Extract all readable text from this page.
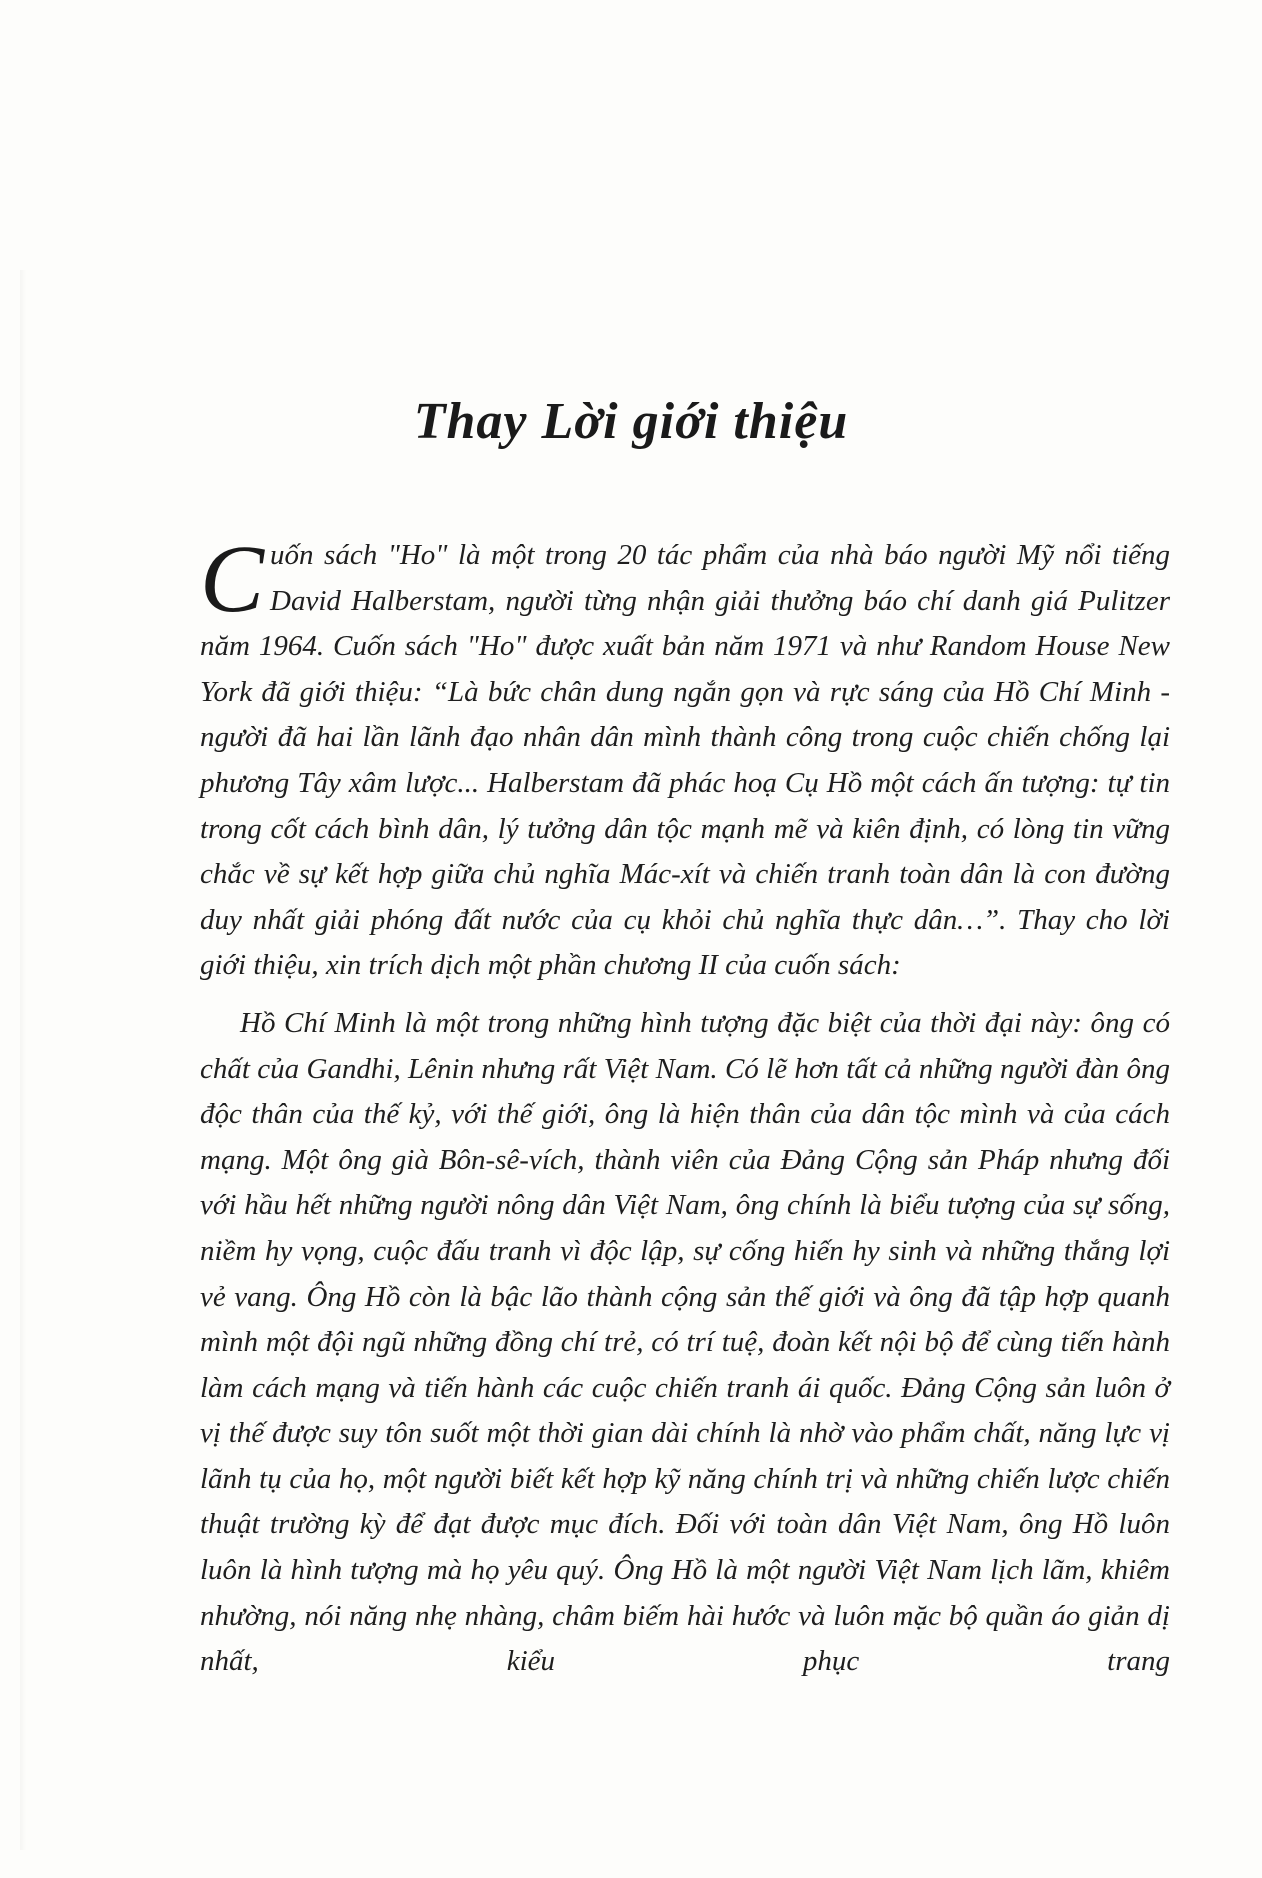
Thay Lời giới thiệu

Cuốn sách "Ho" là một trong 20 tác phẩm của nhà báo người Mỹ nổi tiếng David Halberstam, người từng nhận giải thưởng báo chí danh giá Pulitzer năm 1964. Cuốn sách "Ho" được xuất bản năm 1971 và như Random House New York đã giới thiệu: “Là bức chân dung ngắn gọn và rực sáng của Hồ Chí Minh - người đã hai lần lãnh đạo nhân dân mình thành công trong cuộc chiến chống lại phương Tây xâm lược... Halberstam đã phác hoạ Cụ Hồ một cách ấn tượng: tự tin trong cốt cách bình dân, lý tưởng dân tộc mạnh mẽ và kiên định, có lòng tin vững chắc về sự kết hợp giữa chủ nghĩa Mác-xít và chiến tranh toàn dân là con đường duy nhất giải phóng đất nước của cụ khỏi chủ nghĩa thực dân…”. Thay cho lời giới thiệu, xin trích dịch một phần chương II của cuốn sách:

Hồ Chí Minh là một trong những hình tượng đặc biệt của thời đại này: ông có chất của Gandhi, Lênin nhưng rất Việt Nam. Có lẽ hơn tất cả những người đàn ông độc thân của thế kỷ, với thế giới, ông là hiện thân của dân tộc mình và của cách mạng. Một ông già Bôn-sê-vích, thành viên của Đảng Cộng sản Pháp nhưng đối với hầu hết những người nông dân Việt Nam, ông chính là biểu tượng của sự sống, niềm hy vọng, cuộc đấu tranh vì độc lập, sự cống hiến hy sinh và những thắng lợi vẻ vang. Ông Hồ còn là bậc lão thành cộng sản thế giới và ông đã tập hợp quanh mình một đội ngũ những đồng chí trẻ, có trí tuệ, đoàn kết nội bộ để cùng tiến hành làm cách mạng và tiến hành các cuộc chiến tranh ái quốc. Đảng Cộng sản luôn ở vị thế được suy tôn suốt một thời gian dài chính là nhờ vào phẩm chất, năng lực vị lãnh tụ của họ, một người biết kết hợp kỹ năng chính trị và những chiến lược chiến thuật trường kỳ để đạt được mục đích. Đối với toàn dân Việt Nam, ông Hồ luôn luôn là hình tượng mà họ yêu quý. Ông Hồ là một người Việt Nam lịch lãm, khiêm nhường, nói năng nhẹ nhàng, châm biếm hài hước và luôn mặc bộ quần áo giản dị nhất, kiểu phục trang
